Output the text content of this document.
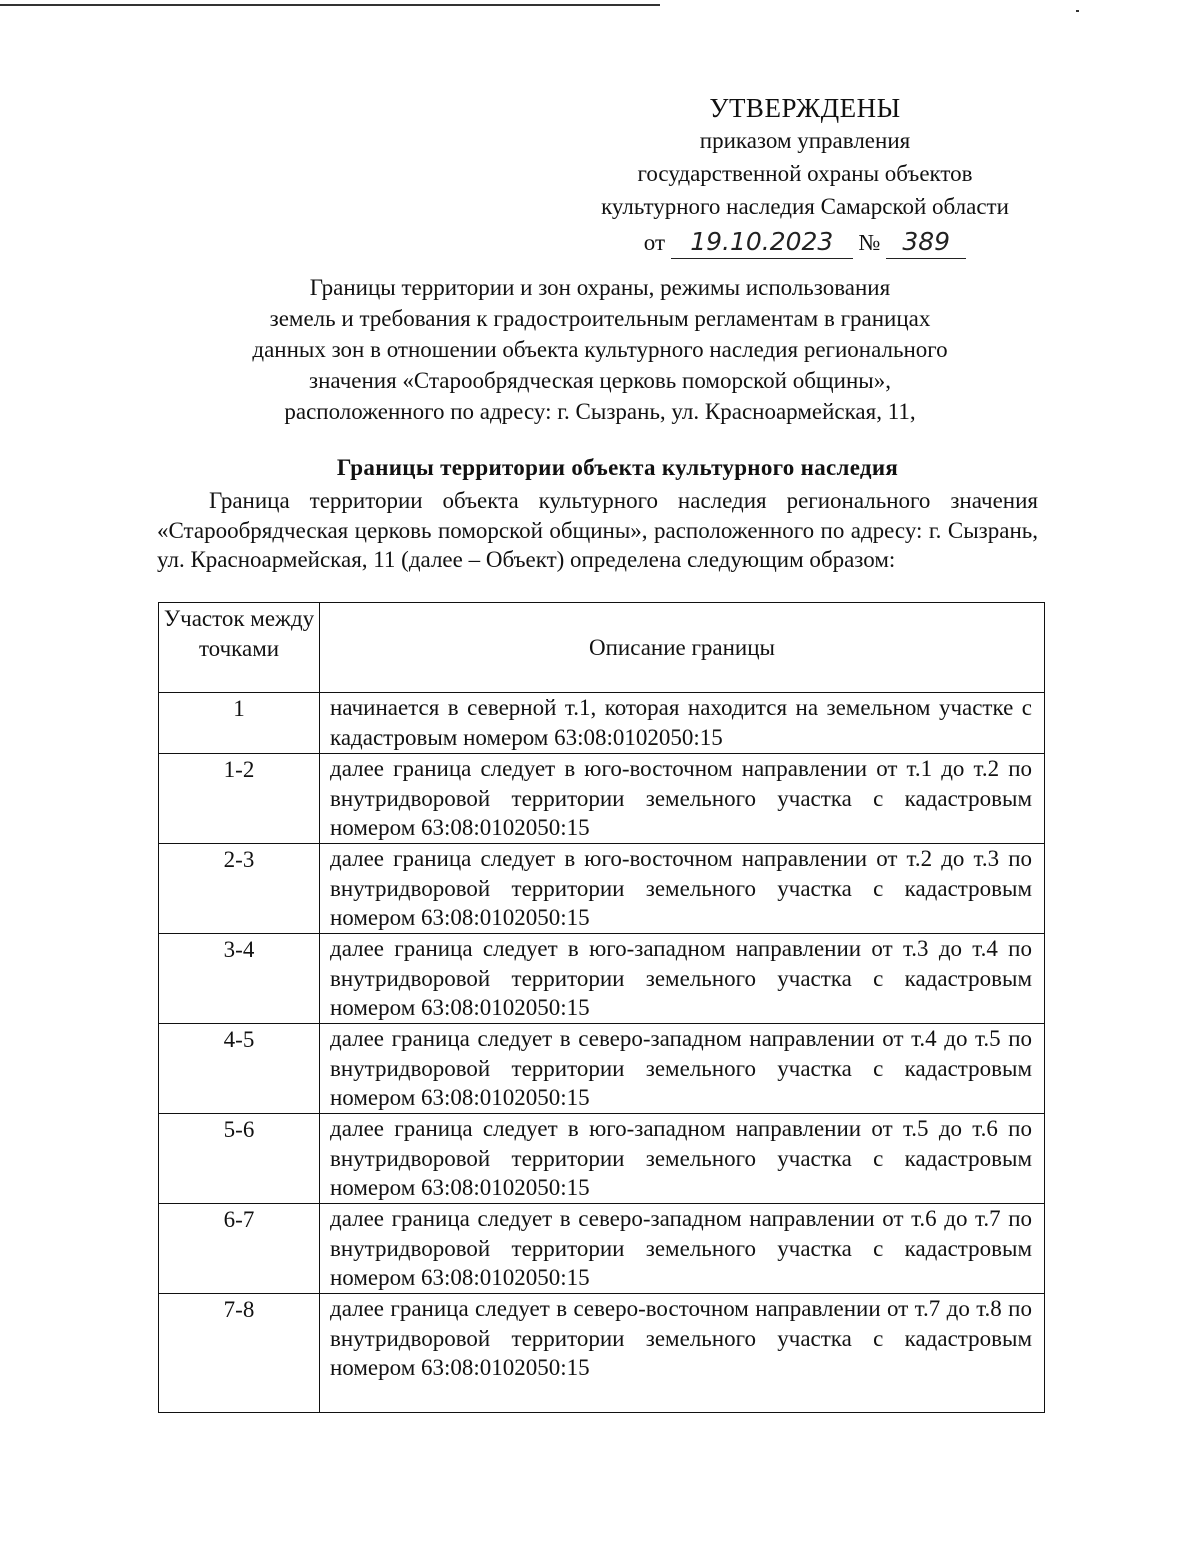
УТВЕРЖДЕНЫ
приказом управления
государственной охраны объектов
культурного наследия Самарской области
от 19.10.2023 № 389
Границы территории и зон охраны, режимы использования
земель и требования к градостроительным регламентам в границах
данных зон в отношении объекта культурного наследия регионального
значения «Старообрядческая церковь поморской общины»,
расположенного по адресу: г. Сызрань, ул. Красноармейская, 11,
Границы территории объекта культурного наследия
Граница территории объекта культурного наследия регионального значения «Старообрядческая церковь поморской общины», расположенного по адресу: г. Сызрань, ул. Красноармейская, 11 (далее – Объект) определена следующим образом:
Участок между точками	Описание границы
1	начинается в северной т.1, которая находится на земельном участке с кадастровым номером 63:08:0102050:15
1-2	далее граница следует в юго-восточном направлении от т.1 до т.2 по внутридворовой территории земельного участка с кадастровым номером 63:08:0102050:15
2-3	далее граница следует в юго-восточном направлении от т.2 до т.3 по внутридворовой территории земельного участка с кадастровым номером 63:08:0102050:15
3-4	далее граница следует в юго-западном направлении от т.3 до т.4 по внутридворовой территории земельного участка с кадастровым номером 63:08:0102050:15
4-5	далее граница следует в северо-западном направлении от т.4 до т.5 по внутридворовой территории земельного участка с кадастровым номером 63:08:0102050:15
5-6	далее граница следует в юго-западном направлении от т.5 до т.6 по внутридворовой территории земельного участка с кадастровым номером 63:08:0102050:15
6-7	далее граница следует в северо-западном направлении от т.6 до т.7 по внутридворовой территории земельного участка с кадастровым номером 63:08:0102050:15
7-8	далее граница следует в северо-восточном направлении от т.7 до т.8 по внутридворовой территории земельного участка с кадастровым номером 63:08:0102050:15
